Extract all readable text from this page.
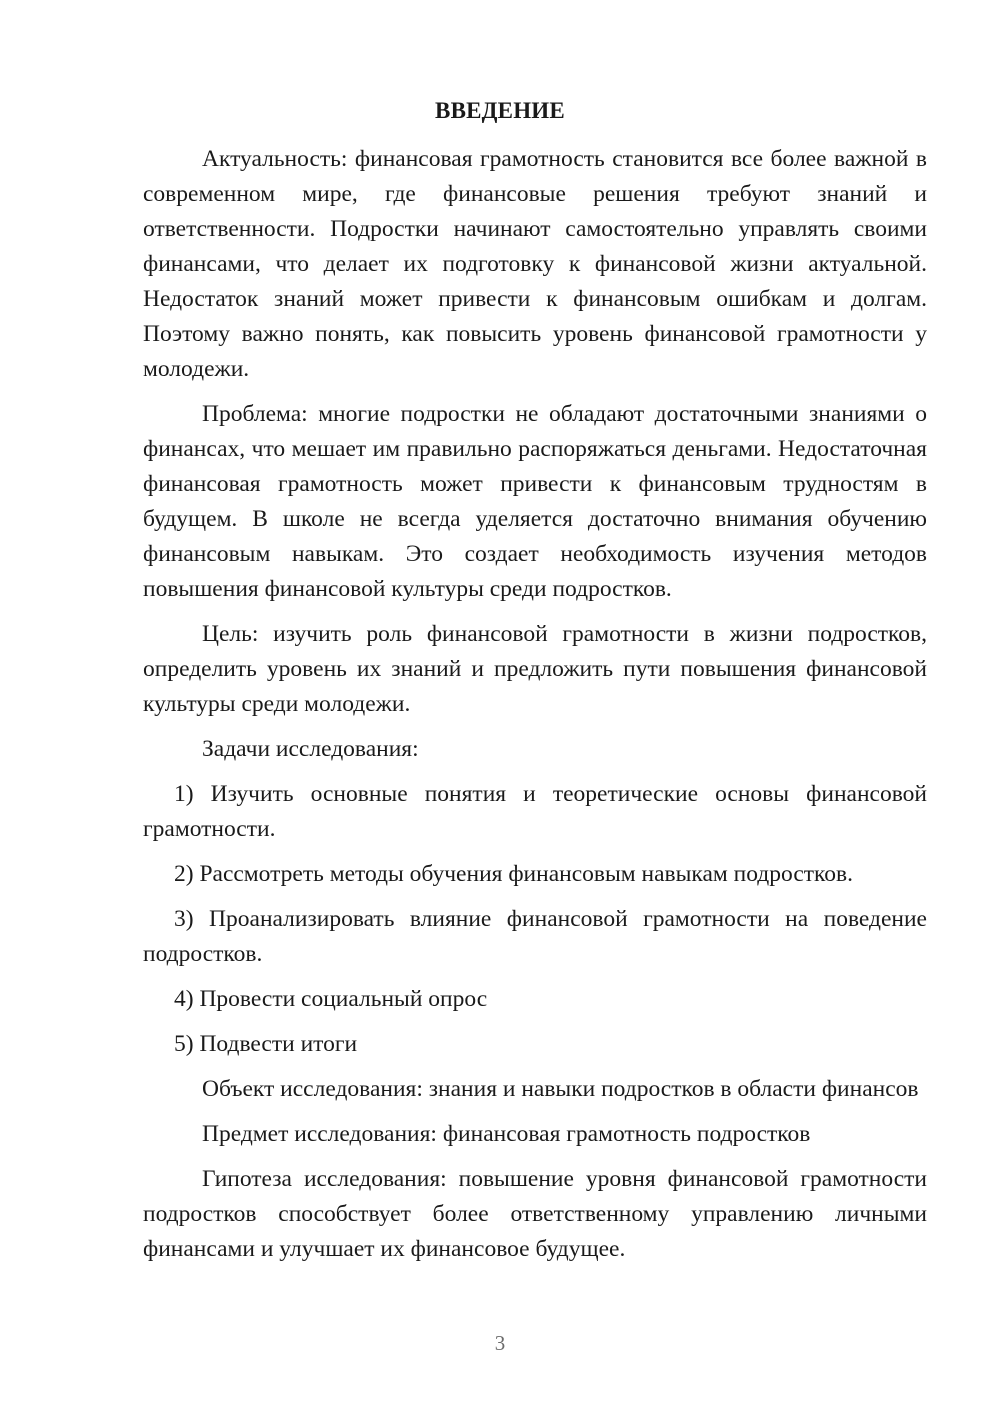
ВВЕДЕНИЕ

Актуальность: финансовая грамотность становится все более важной в современном мире, где финансовые решения требуют знаний и ответственности. Подростки начинают самостоятельно управлять своими финансами, что делает их подготовку к финансовой жизни актуальной. Недостаток знаний может привести к финансовым ошибкам и долгам. Поэтому важно понять, как повысить уровень финансовой грамотности у молодежи.

Проблема: многие подростки не обладают достаточными знаниями о финансах, что мешает им правильно распоряжаться деньгами. Недостаточная финансовая грамотность может привести к финансовым трудностям в будущем. В школе не всегда уделяется достаточно внимания обучению финансовым навыкам. Это создает необходимость изучения методов повышения финансовой культуры среди подростков.

Цель: изучить роль финансовой грамотности в жизни подростков, определить уровень их знаний и предложить пути повышения финансовой культуры среди молодежи.

Задачи исследования:

1) Изучить основные понятия и теоретические основы финансовой грамотности.

2) Рассмотреть методы обучения финансовым навыкам подростков.

3) Проанализировать влияние финансовой грамотности на поведение подростков.

4) Провести социальный опрос

5) Подвести итоги

Объект исследования: знания и навыки подростков в области финансов

Предмет исследования: финансовая грамотность подростков

Гипотеза исследования: повышение уровня финансовой грамотности подростков способствует более ответственному управлению личными финансами и улучшает их финансовое будущее.

3
